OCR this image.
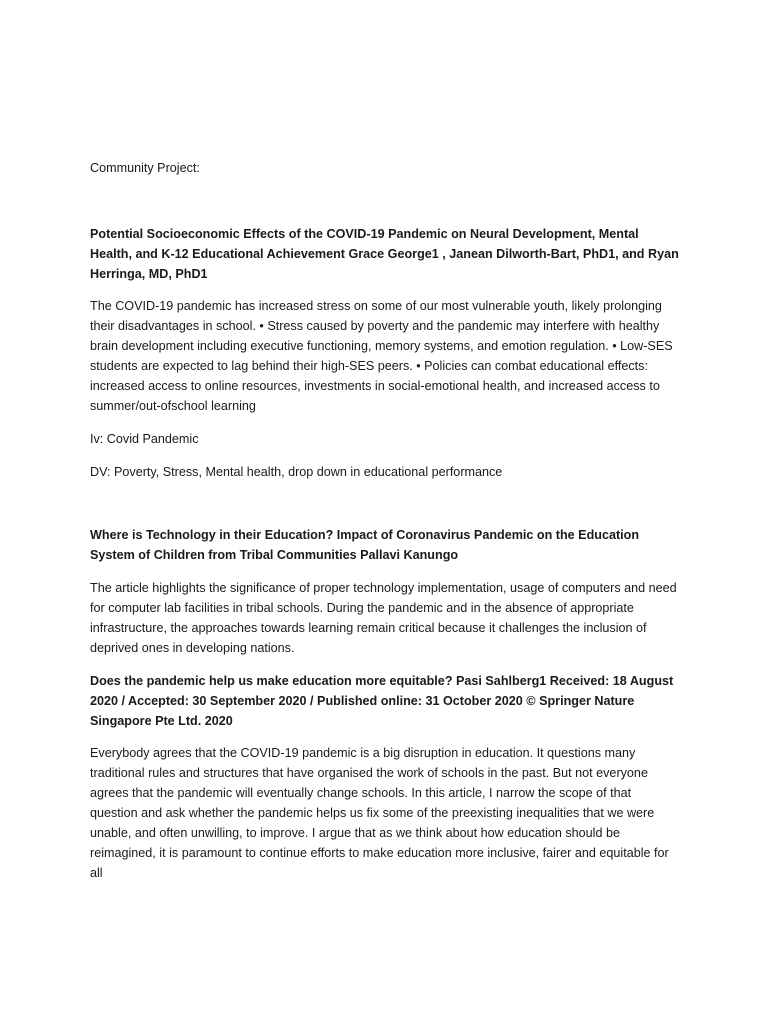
Community Project:

Potential Socioeconomic Effects of the COVID-19 Pandemic on Neural Development, Mental Health, and K-12 Educational Achievement Grace George1 , Janean Dilworth-Bart, PhD1, and Ryan Herringa, MD, PhD1

The COVID-19 pandemic has increased stress on some of our most vulnerable youth, likely prolonging their disadvantages in school. • Stress caused by poverty and the pandemic may interfere with healthy brain development including executive functioning, memory systems, and emotion regulation. • Low-SES students are expected to lag behind their high-SES peers. • Policies can combat educational effects: increased access to online resources, investments in social-emotional health, and increased access to summer/out-ofschool learning

Iv: Covid Pandemic

DV: Poverty, Stress, Mental health, drop down in educational performance

Where is Technology in their Education? Impact of Coronavirus Pandemic on the Education System of Children from Tribal Communities Pallavi Kanungo

The article highlights the significance of proper technology implementation, usage of computers and need for computer lab facilities in tribal schools. During the pandemic and in the absence of appropriate infrastructure, the approaches towards learning remain critical because it challenges the inclusion of deprived ones in developing nations.

Does the pandemic help us make education more equitable? Pasi Sahlberg1 Received: 18 August 2020 / Accepted: 30 September 2020 / Published online: 31 October 2020 © Springer Nature Singapore Pte Ltd. 2020

Everybody agrees that the COVID-19 pandemic is a big disruption in education. It questions many traditional rules and structures that have organised the work of schools in the past. But not everyone agrees that the pandemic will eventually change schools. In this article, I narrow the scope of that question and ask whether the pandemic helps us fix some of the preexisting inequalities that we were unable, and often unwilling, to improve. I argue that as we think about how education should be reimagined, it is paramount to continue efforts to make education more inclusive, fairer and equitable for all
